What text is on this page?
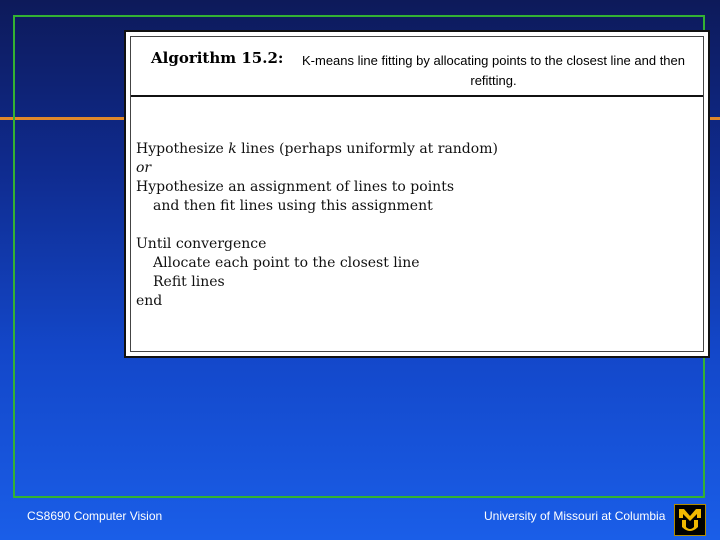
Algorithm 15.2:	K-means line fitting by allocating points to the closest line and then refitting.
Hypothesize k lines (perhaps uniformly at random)
or
Hypothesize an assignment of lines to points
and then fit lines using this assignment
Until convergence
Allocate each point to the closest line
Refit lines
end
CS8690 Computer Vision	University of Missouri at Columbia
